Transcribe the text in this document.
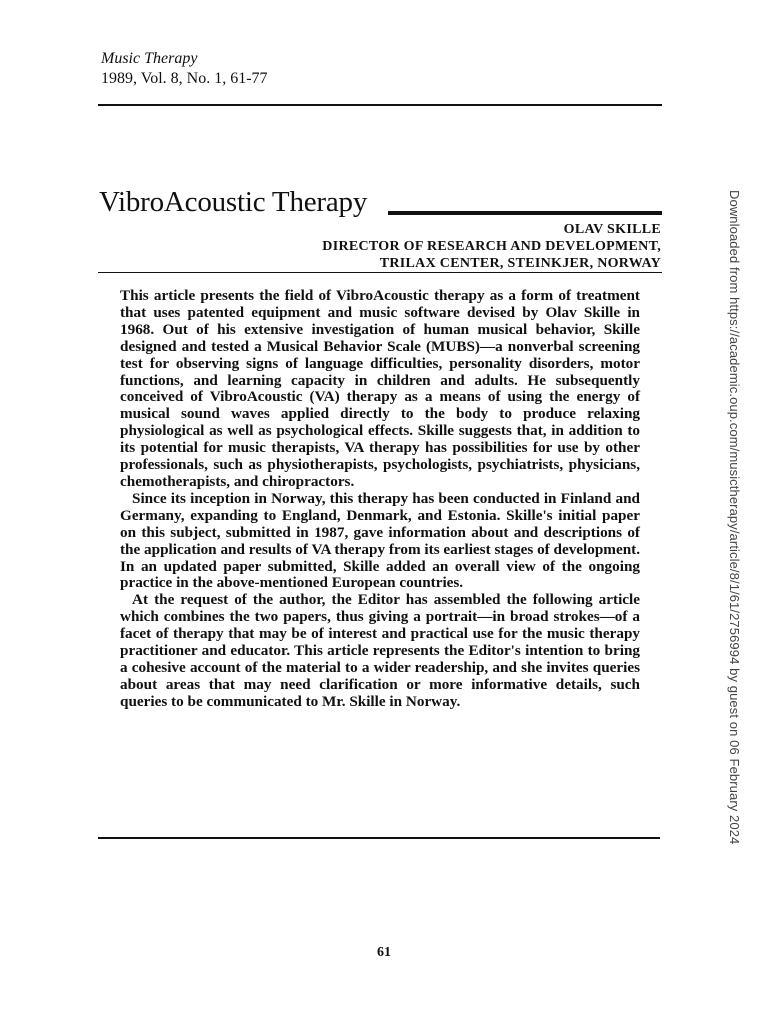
Music Therapy
1989, Vol. 8, No. 1, 61-77
VibroAcoustic Therapy
OLAV SKILLE
DIRECTOR OF RESEARCH AND DEVELOPMENT,
TRILAX CENTER, STEINKJER, NORWAY

This article presents the field of VibroAcoustic therapy as a form of treatment that uses patented equipment and music software devised by Olav Skille in 1968. Out of his extensive investigation of human musical behavior, Skille designed and tested a Musical Behavior Scale (MUBS)—a nonverbal screening test for observing signs of language difficulties, personality disorders, motor functions, and learning capacity in children and adults. He subsequently conceived of VibroAcoustic (VA) therapy as a means of using the energy of musical sound waves applied directly to the body to produce relaxing physiological as well as psychological effects. Skille suggests that, in addition to its potential for music therapists, VA therapy has possibilities for use by other professionals, such as physiotherapists, psychologists, psychiatrists, physicians, chemotherapists, and chiropractors.

Since its inception in Norway, this therapy has been conducted in Finland and Germany, expanding to England, Denmark, and Estonia. Skille's initial paper on this subject, submitted in 1987, gave information about and descriptions of the application and results of VA therapy from its earliest stages of development. In an updated paper submitted, Skille added an overall view of the ongoing practice in the above-mentioned European countries.

At the request of the author, the Editor has assembled the following article which combines the two papers, thus giving a portrait—in broad strokes—of a facet of therapy that may be of interest and practical use for the music therapy practitioner and educator. This article represents the Editor's intention to bring a cohesive account of the material to a wider readership, and she invites queries about areas that may need clarification or more informative details, such queries to be communicated to Mr. Skille in Norway.

61
Downloaded from https://academic.oup.com/musictherapy/article/8/1/61/2756994 by guest on 06 February 2024
